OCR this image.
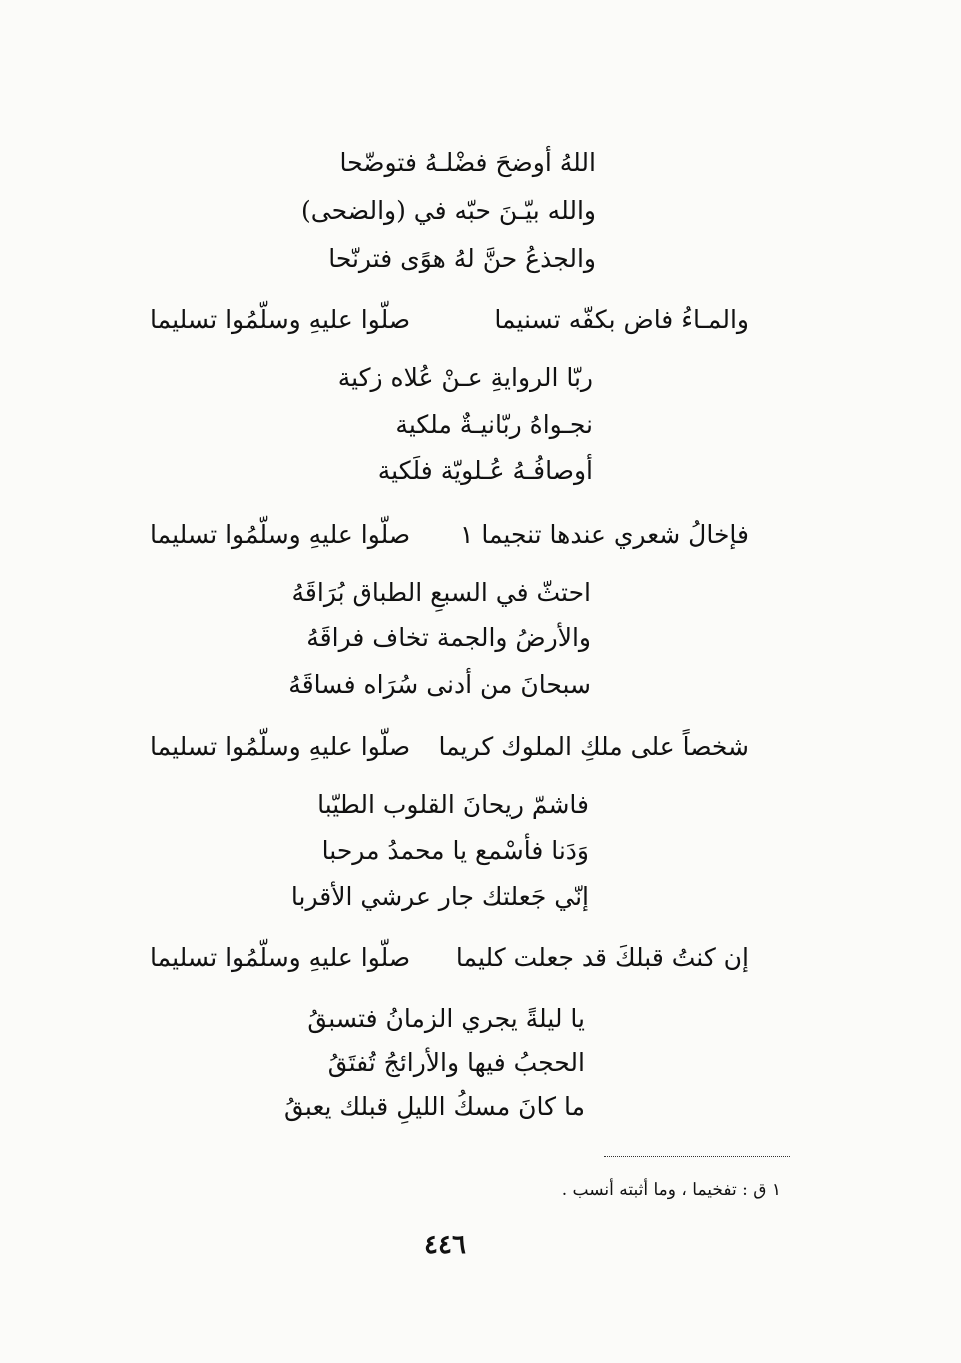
اللهُ أوضحَ فضْلـهُ فتوضّحا
والله بيّـنَ حبّه في (والضحى)
والجذعُ حنَّ لهُ هوًى فترنّحا
والمـاءُ فاض بكفّه تسنيما
صلّوا عليهِ وسلّمُوا تسليما
ربّا الروايةِ عـنْ عُلاه زكية
نجـواهُ ربّانيـةٌ ملكية
أوصافُـهُ عُـلويّة فلَكية
فإخالُ شعري عندها تنجيما ١
صلّوا عليهِ وسلّمُوا تسليما
احتثّ في السبعِ الطباق بُرَاقَهُ
والأرضُ والجمة تخاف فراقَهُ
سبحانَ من أدنى سُرَاه فساقَهُ
شخصاً على ملكِ الملوك كريما
صلّوا عليهِ وسلّمُوا تسليما
فاشمّ ريحانَ القلوب الطيّبا
وَدَنا فأسْمع يا محمدُ مرحبا
إنّي جَعلتك جار عرشي الأقربا
إن كنتُ قبلكَ قد جعلت كليما
صلّوا عليهِ وسلّمُوا تسليما
يا ليلةً يجري الزمانُ فتسبقُ
الحجبُ فيها والأرائجُ تُفتَقُ
ما كانَ مسكُ الليلِ قبلك يعبقُ
١ ق : تفخيما ، وما أثبته أنسب .
٤٤٦
